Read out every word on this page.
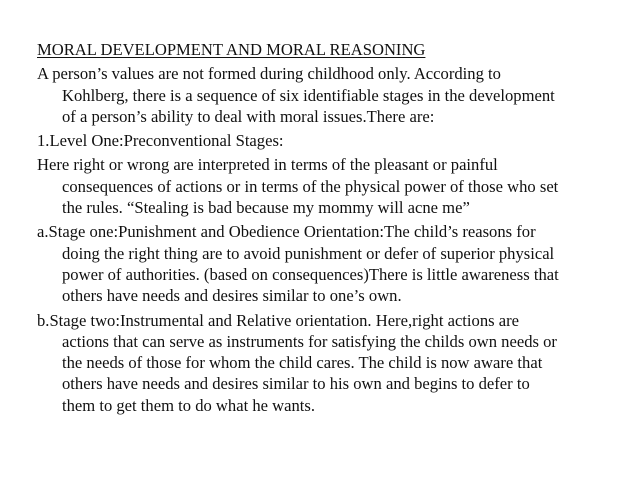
MORAL DEVELOPMENT AND MORAL REASONING
A person’s values are not formed during childhood only. According to
Kohlberg, there is a sequence of six identifiable stages in the development
of a person’s ability to deal with moral issues.There are:
1.Level One:Preconventional Stages:
Here right or wrong are interpreted in terms of the pleasant or painful
consequences of actions or in terms of the physical power of those who set
the rules. “Stealing is bad because my mommy will acne me”
a.Stage one:Punishment and Obedience Orientation:The child’s reasons for
doing the right thing are to avoid punishment or defer of superior physical
power of authorities. (based on consequences)There is little awareness that
others have needs and desires similar to one’s own.
b.Stage two:Instrumental and Relative orientation. Here,right actions are
actions that can serve as instruments for satisfying the childs own needs or
the needs of those for whom the child cares. The child is now aware that
others have needs and desires similar to his own and begins to defer to
them to get them to do what he wants.
